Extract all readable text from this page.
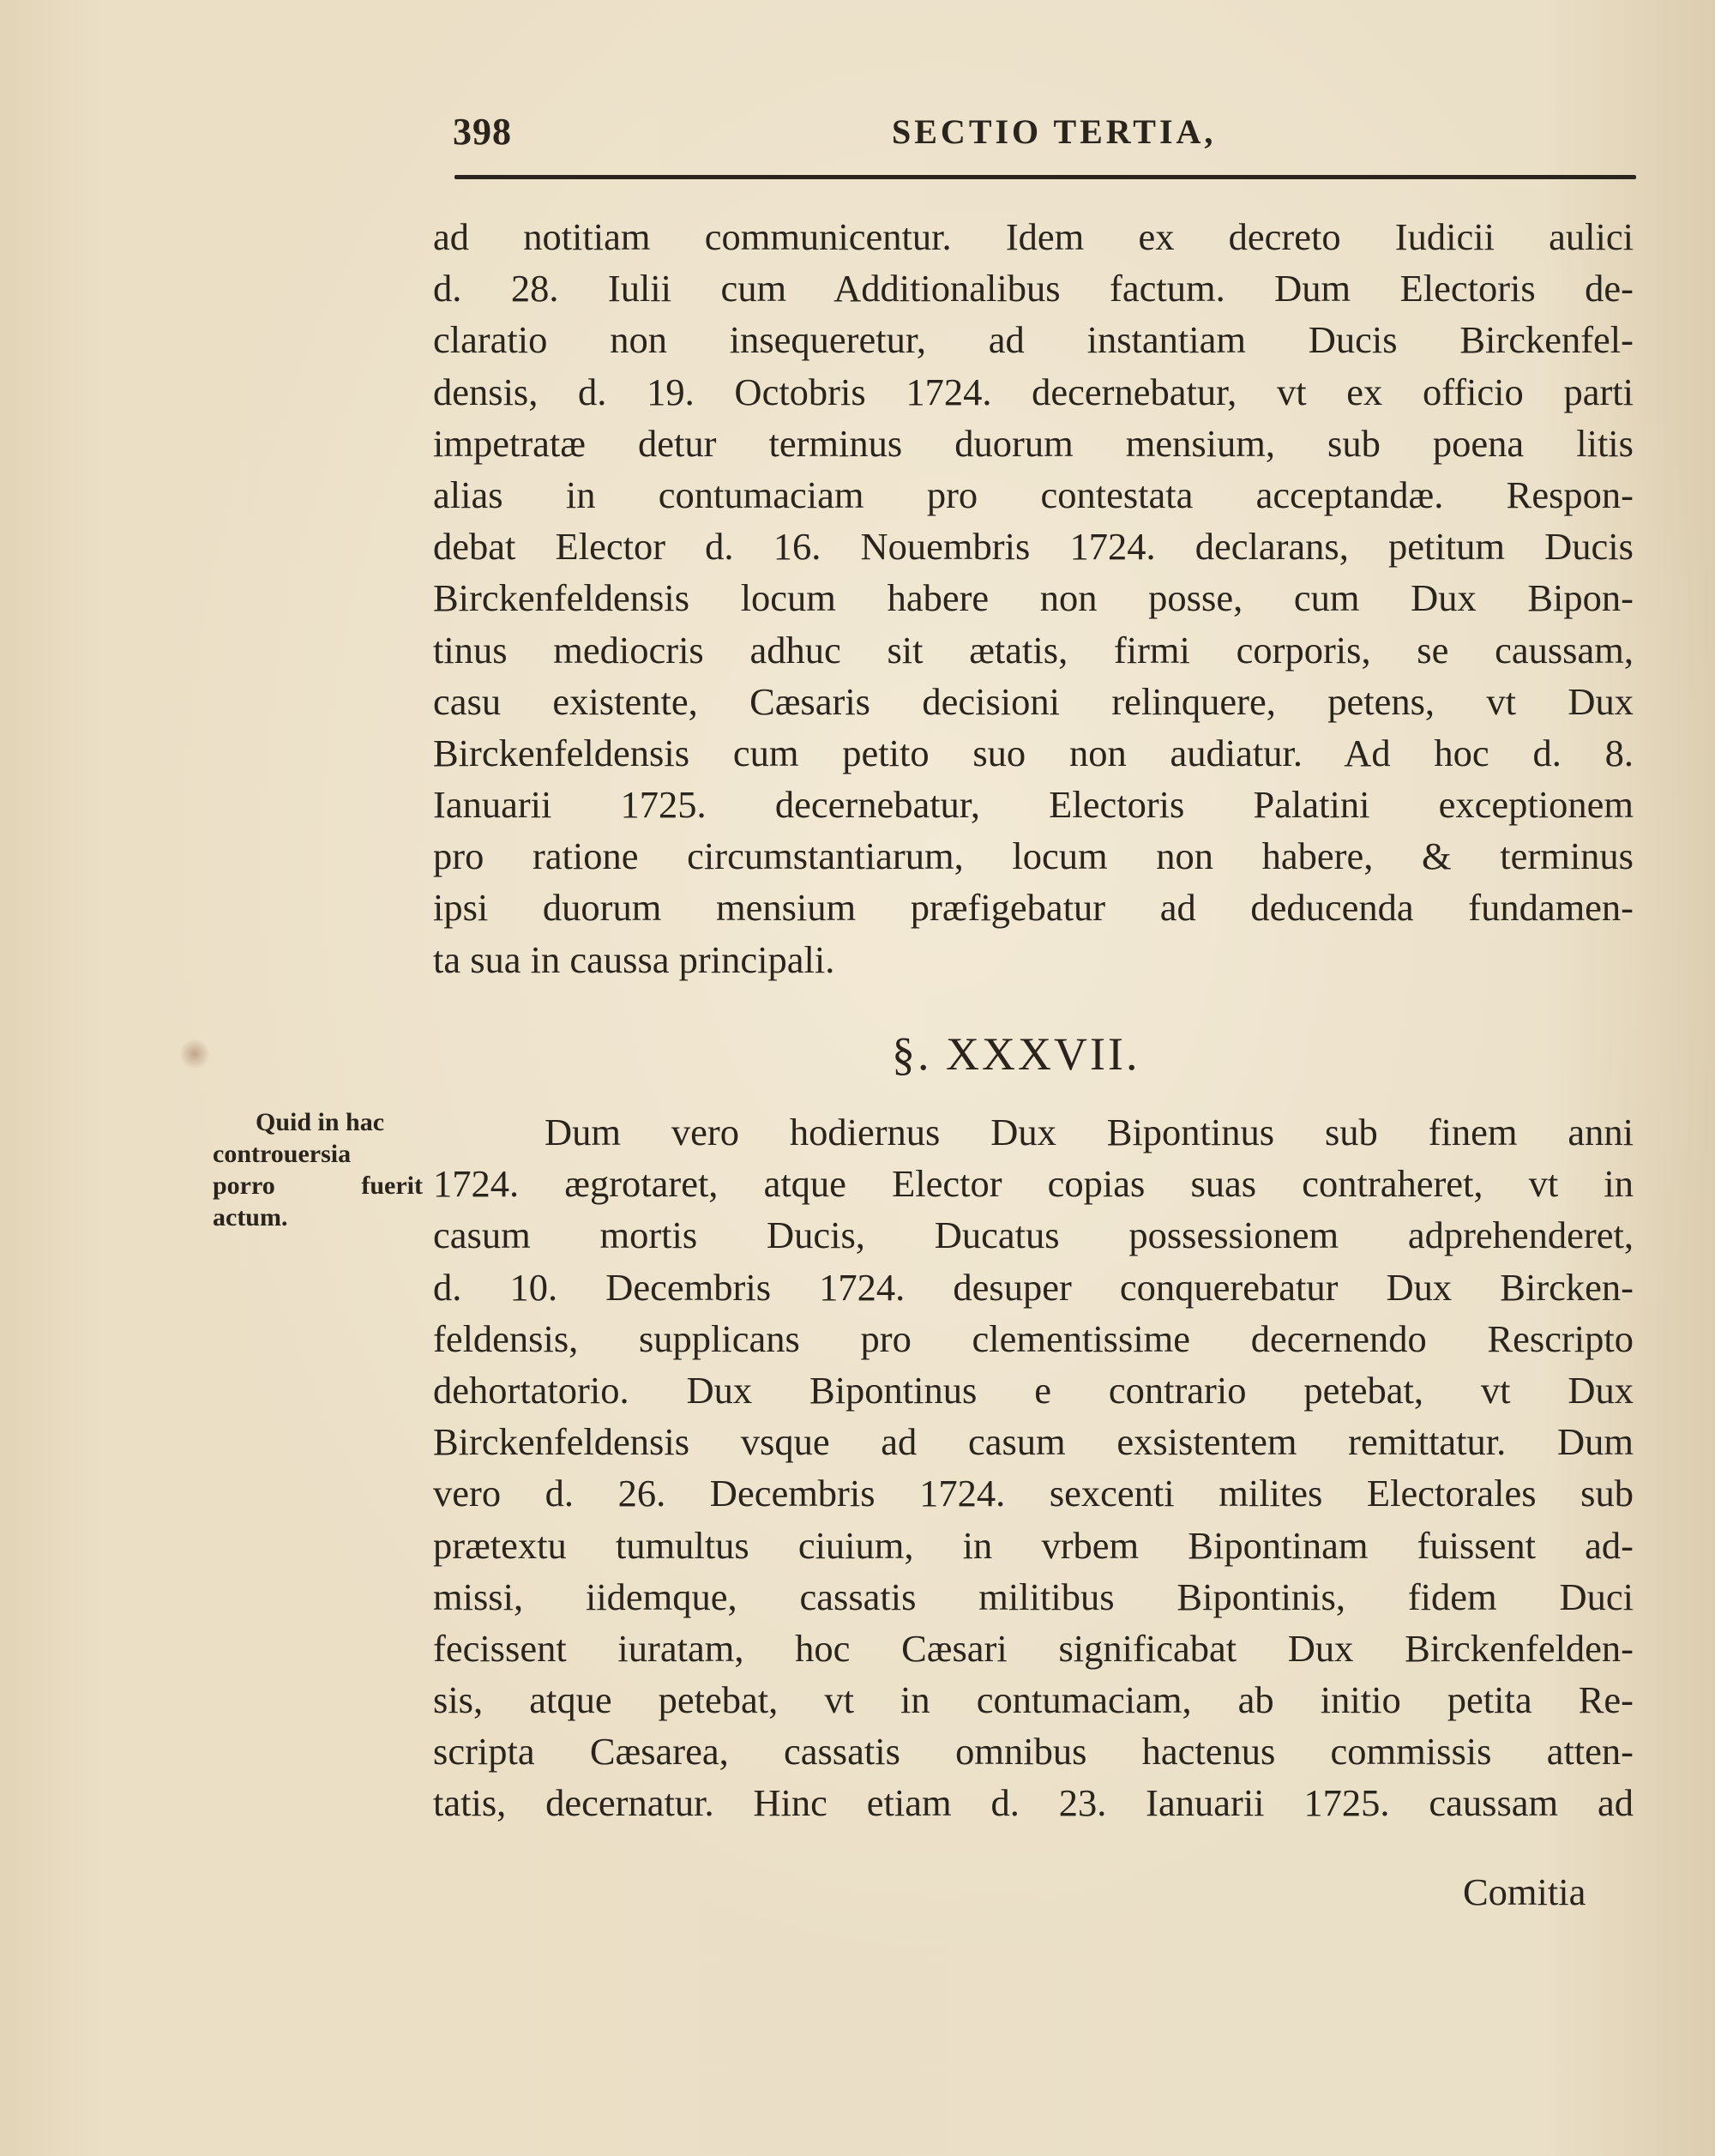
398	SECTIO TERTIA,
ad notitiam communicentur. Idem ex decreto Iudicii aulici
d. 28. Iulii cum Additionalibus factum. Dum Electoris de-
claratio non insequeretur, ad instantiam Ducis Birckenfel-
densis, d. 19. Octobris 1724. decernebatur, vt ex officio parti
impetratæ detur terminus duorum mensium, sub poena litis
alias in contumaciam pro contestata acceptandæ. Respon-
debat Elector d. 16. Nouembris 1724. declarans, petitum Ducis
Birckenfeldensis locum habere non posse, cum Dux Bipon-
tinus mediocris adhuc sit ætatis, firmi corporis, se caussam,
casu existente, Cæsaris decisioni relinquere, petens, vt Dux
Birckenfeldensis cum petito suo non audiatur. Ad hoc d. 8.
Ianuarii 1725. decernebatur, Electoris Palatini exceptionem
pro ratione circumstantiarum, locum non habere, & terminus
ipsi duorum mensium præfigebatur ad deducenda fundamen-
ta sua in caussa principali.
§. XXXVII.
Quid in hac
controuersia
porro fuerit
actum.
Dum vero hodiernus Dux Bipontinus sub finem anni
1724. ægrotaret, atque Elector copias suas contraheret, vt in
casum mortis Ducis, Ducatus possessionem adprehenderet,
d. 10. Decembris 1724. desuper conquerebatur Dux Bircken-
feldensis, supplicans pro clementissime decernendo Rescripto
dehortatorio. Dux Bipontinus e contrario petebat, vt Dux
Birckenfeldensis vsque ad casum exsistentem remittatur. Dum
vero d. 26. Decembris 1724. sexcenti milites Electorales sub
prætextu tumultus ciuium, in vrbem Bipontinam fuissent ad-
missi, iidemque, cassatis militibus Bipontinis, fidem Duci
fecissent iuratam, hoc Cæsari significabat Dux Birckenfelden-
sis, atque petebat, vt in contumaciam, ab initio petita Re-
scripta Cæsarea, cassatis omnibus hactenus commissis atten-
tatis, decernatur. Hinc etiam d. 23. Ianuarii 1725. caussam ad
Comitia
